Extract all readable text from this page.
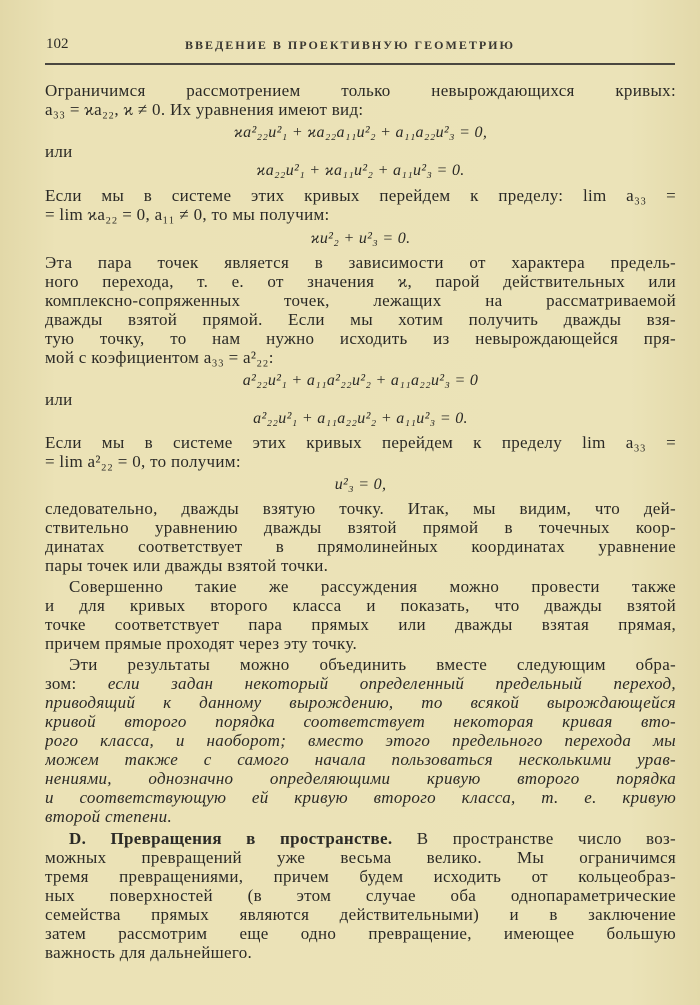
102	ВВЕДЕНИЕ В ПРОЕКТИВНУЮ ГЕОМЕТРИЮ
Ограничимся рассмотрением только невырождающихся кривых:
a₃₃ = ϰa₂₂, ϰ ≠ 0. Их уравнения имеют вид:
ϰa²₂₂u²₁ + ϰa₂₂a₁₁u²₂ + a₁₁a₂₂u²₃ = 0,
или
ϰa₂₂u²₁ + ϰa₁₁u²₂ + a₁₁u²₃ = 0.
Если мы в системе этих кривых перейдем к пределу: lim a₃₃ =
= lim ϰa₂₂ = 0, a₁₁ ≠ 0, то мы получим:
ϰu²₂ + u²₃ = 0.
Эта пара точек является в зависимости от характера предель-
ного перехода, т. е. от значения ϰ, парой действительных или
комплексно-сопряженных точек, лежащих на рассматриваемой
дважды взятой прямой. Если мы хотим получить дважды взя-
тую точку, то нам нужно исходить из невырождающейся пря-
мой с коэфициентом a₃₃ = a²₂₂:
a²₂₂u²₁ + a₁₁a²₂₂u²₂ + a₁₁a₂₂u²₃ = 0
или
a²₂₂u²₁ + a₁₁a₂₂u²₂ + a₁₁u²₃ = 0.
Если мы в системе этих кривых перейдем к пределу lim a₃₃ =
= lim a²₂₂ = 0, то получим:
u²₃ = 0,
следовательно, дважды взятую точку. Итак, мы видим, что дей-
ствительно уравнению дважды взятой прямой в точечных коор-
динатах соответствует в прямолинейных координатах уравнение
пары точек или дважды взятой точки.
Совершенно такие же рассуждения можно провести также
и для кривых второго класса и показать, что дважды взятой
точке соответствует пара прямых или дважды взятая прямая,
причем прямые проходят через эту точку.
Эти результаты можно объединить вместе следующим обра-
зом: если задан некоторый определенный предельный переход,
приводящий к данному вырождению, то всякой вырождающейся
кривой второго порядка соответствует некоторая кривая вто-
рого класса, и наоборот; вместо этого предельного перехода мы
можем также с самого начала пользоваться несколькими урав-
нениями, однозначно определяющими кривую второго порядка
и соответствующую ей кривую второго класса, т. е. кривую
второй степени.
D. Превращения в пространстве. В пространстве число воз-
можных превращений уже весьма велико. Мы ограничимся
тремя превращениями, причем будем исходить от кольцеобраз-
ных поверхностей (в этом случае оба однопараметрические
семейства прямых являются действительными) и в заключение
затем рассмотрим еще одно превращение, имеющее большую
важность для дальнейшего.
